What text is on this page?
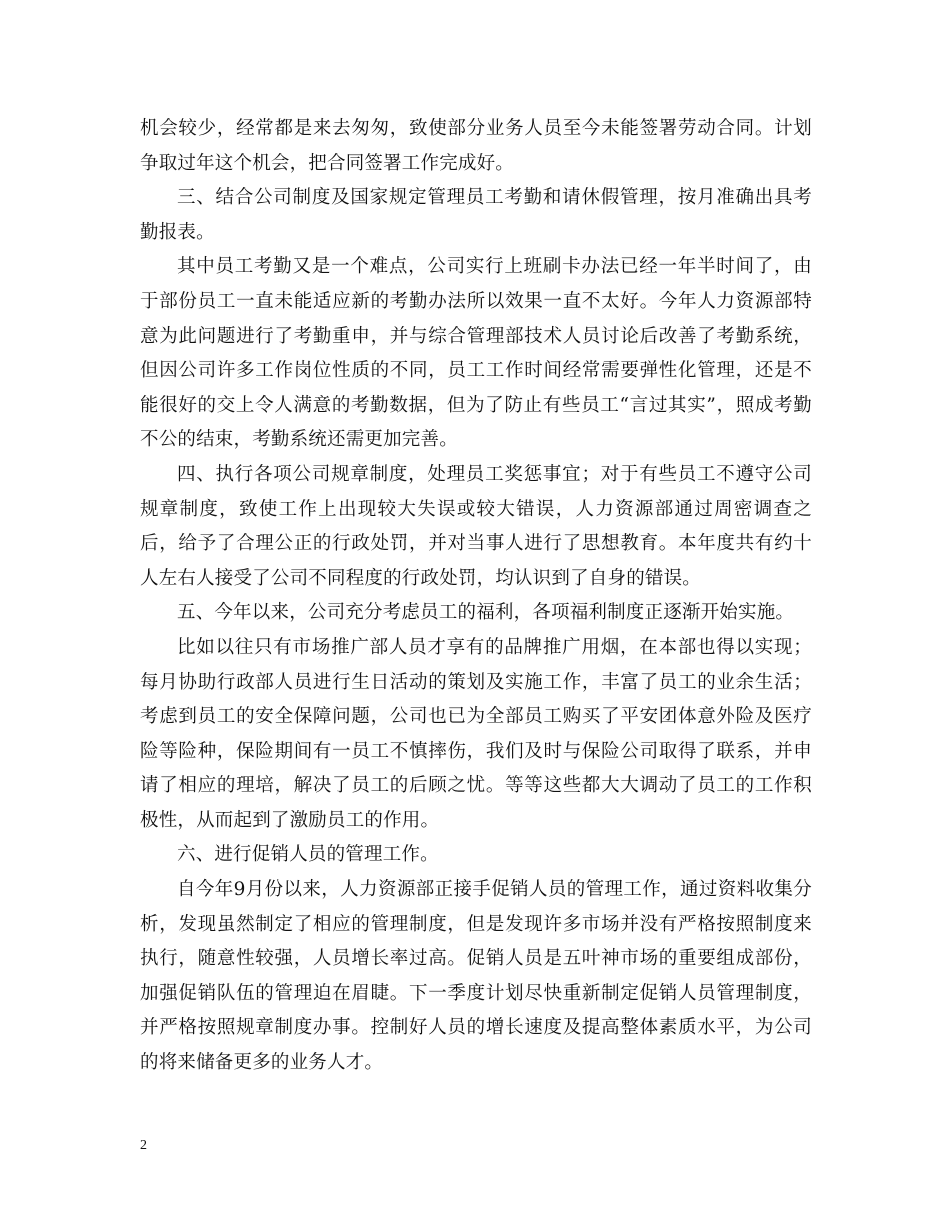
机会较少，经常都是来去匆匆，致使部分业务人员至今未能签署劳动合同。计划争取过年这个机会，把合同签署工作完成好。

三、结合公司制度及国家规定管理员工考勤和请休假管理，按月准确出具考勤报表。

其中员工考勤又是一个难点，公司实行上班刷卡办法已经一年半时间了，由于部份员工一直未能适应新的考勤办法所以效果一直不太好。今年人力资源部特意为此问题进行了考勤重申，并与综合管理部技术人员讨论后改善了考勤系统，但因公司许多工作岗位性质的不同，员工工作时间经常需要弹性化管理，还是不能很好的交上令人满意的考勤数据，但为了防止有些员工“言过其实”，照成考勤不公的结束，考勤系统还需更加完善。

四、执行各项公司规章制度，处理员工奖惩事宜；对于有些员工不遵守公司规章制度，致使工作上出现较大失误或较大错误，人力资源部通过周密调查之后，给予了合理公正的行政处罚，并对当事人进行了思想教育。本年度共有约十人左右人接受了公司不同程度的行政处罚，均认识到了自身的错误。

五、今年以来，公司充分考虑员工的福利，各项福利制度正逐渐开始实施。

比如以往只有市场推广部人员才享有的品牌推广用烟，在本部也得以实现；每月协助行政部人员进行生日活动的策划及实施工作，丰富了员工的业余生活；考虑到员工的安全保障问题，公司也已为全部员工购买了平安团体意外险及医疗险等险种，保险期间有一员工不慎摔伤，我们及时与保险公司取得了联系，并申请了相应的理培，解决了员工的后顾之忧。等等这些都大大调动了员工的工作积极性，从而起到了激励员工的作用。

六、进行促销人员的管理工作。

自今年9月份以来，人力资源部正接手促销人员的管理工作，通过资料收集分析，发现虽然制定了相应的管理制度，但是发现许多市场并没有严格按照制度来执行，随意性较强，人员增长率过高。促销人员是五叶神市场的重要组成部份，加强促销队伍的管理迫在眉睫。下一季度计划尽快重新制定促销人员管理制度，并严格按照规章制度办事。控制好人员的增长速度及提高整体素质水平，为公司的将来储备更多的业务人才。

2
